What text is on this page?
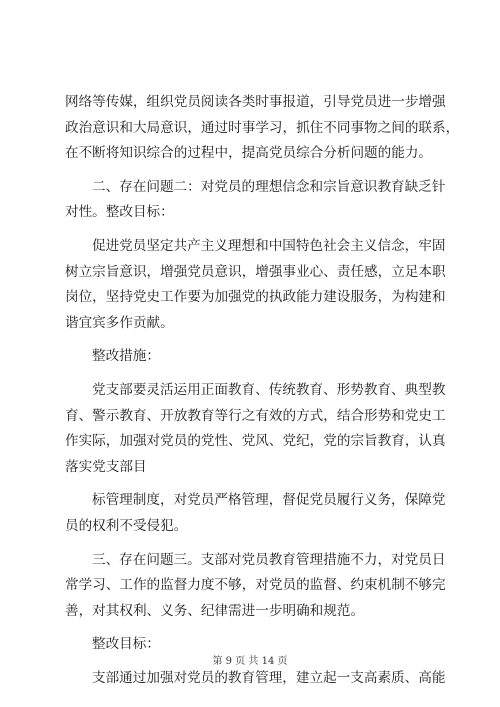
网络等传媒，组织党员阅读各类时事报道，引导党员进一步增强
政治意识和大局意识，通过时事学习，抓住不同事物之间的联系，
在不断将知识综合的过程中，提高党员综合分析问题的能力。
二、存在问题二：对党员的理想信念和宗旨意识教育缺乏针
对性。整改目标：
促进党员坚定共产主义理想和中国特色社会主义信念，牢固
树立宗旨意识，增强党员意识，增强事业心、责任感，立足本职
岗位，坚持党史工作要为加强党的执政能力建设服务，为构建和
谐宜宾多作贡献。
整改措施：
党支部要灵活运用正面教育、传统教育、形势教育、典型教
育、警示教育、开放教育等行之有效的方式，结合形势和党史工
作实际，加强对党员的党性、党风、党纪，党的宗旨教育，认真
落实党支部目
标管理制度，对党员严格管理，督促党员履行义务，保障党
员的权利不受侵犯。
三、存在问题三。支部对党员教育管理措施不力，对党员日
常学习、工作的监督力度不够，对党员的监督、约束机制不够完
善，对其权利、义务、纪律需进一步明确和规范。
整改目标：
支部通过加强对党员的教育管理，建立起一支高素质、高能
第 9 页 共 14 页
